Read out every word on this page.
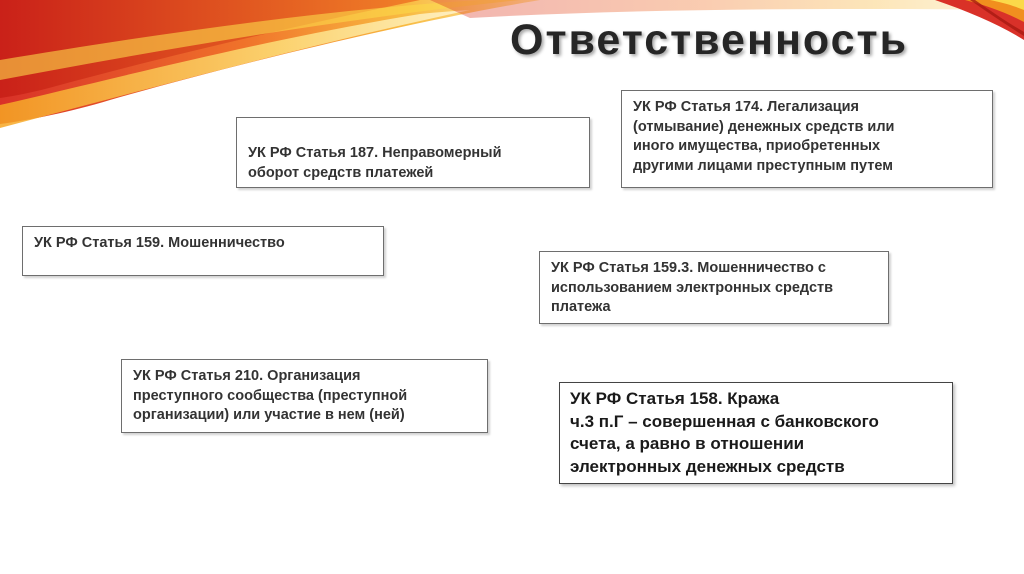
Ответственность
УК РФ Статья 187. Неправомерный
оборот средств платежей
УК РФ Статья 174. Легализация
(отмывание) денежных средств или
иного имущества, приобретенных
другими лицами преступным путем
УК РФ Статья 159. Мошенничество
УК РФ Статья 159.3. Мошенничество с
использованием электронных средств
платежа
УК РФ Статья 210. Организация
преступного сообщества (преступной
организации) или участие в нем (ней)
УК РФ Статья 158. Кража
ч.3 п.Г – совершенная с банковского
счета, а равно в отношении
электронных денежных средств
